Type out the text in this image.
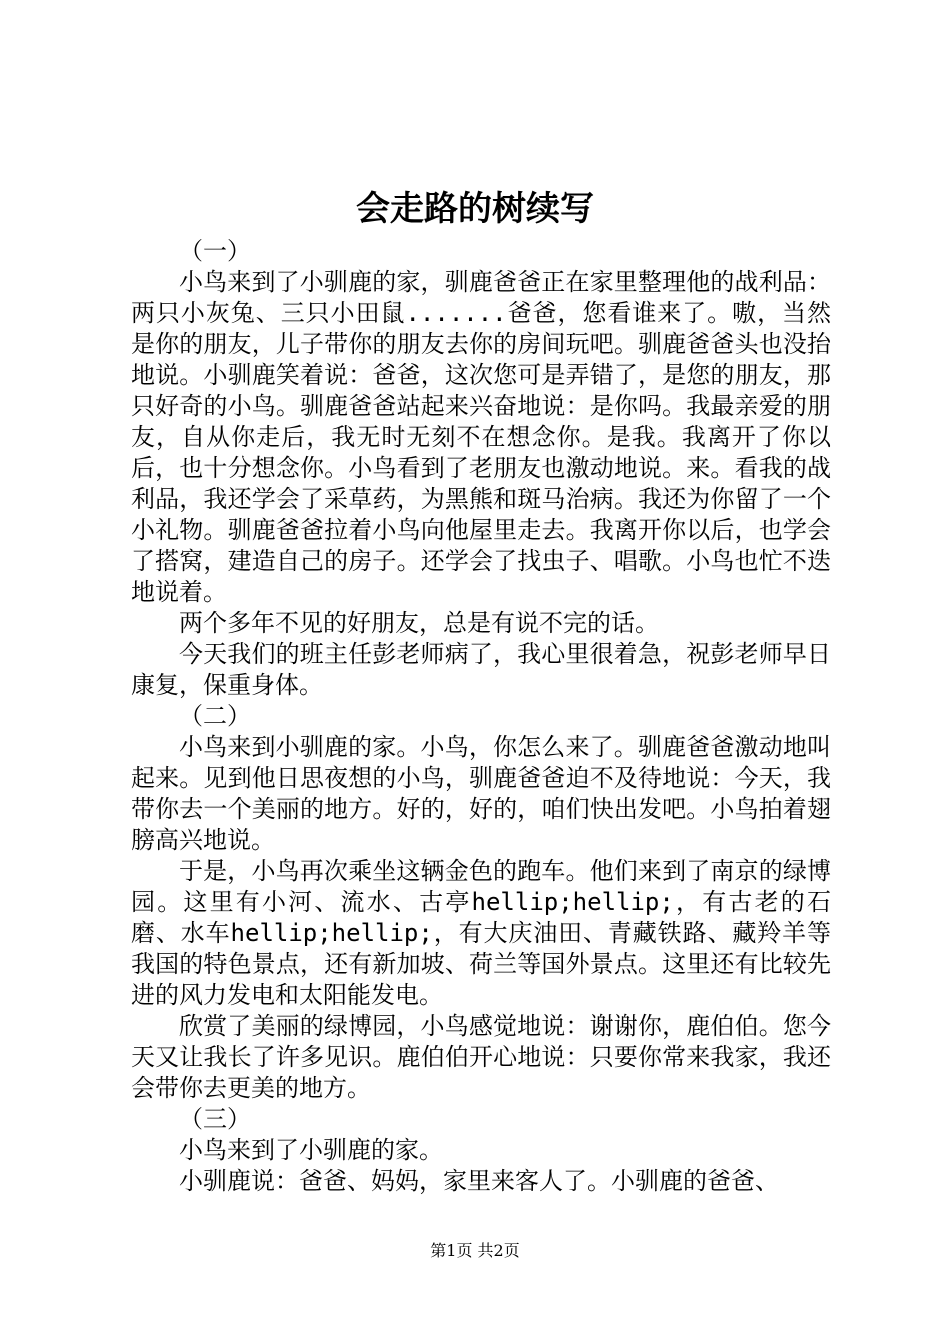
会走路的树续写

（一）

小鸟来到了小驯鹿的家，驯鹿爸爸正在家里整理他的战利品：两只小灰兔、三只小田鼠.......爸爸，您看谁来了。嗷，当然是你的朋友，儿子带你的朋友去你的房间玩吧。驯鹿爸爸头也没抬地说。小驯鹿笑着说：爸爸，这次您可是弄错了，是您的朋友，那只好奇的小鸟。驯鹿爸爸站起来兴奋地说：是你吗。我最亲爱的朋友，自从你走后，我无时无刻不在想念你。是我。我离开了你以后，也十分想念你。小鸟看到了老朋友也激动地说。来。看我的战利品，我还学会了采草药，为黑熊和斑马治病。我还为你留了一个小礼物。驯鹿爸爸拉着小鸟向他屋里走去。我离开你以后，也学会了搭窝，建造自己的房子。还学会了找虫子、唱歌。小鸟也忙不迭地说着。

两个多年不见的好朋友，总是有说不完的话。

今天我们的班主任彭老师病了，我心里很着急，祝彭老师早日康复，保重身体。

（二）

小鸟来到小驯鹿的家。小鸟，你怎么来了。驯鹿爸爸激动地叫起来。见到他日思夜想的小鸟，驯鹿爸爸迫不及待地说：今天，我带你去一个美丽的地方。好的，好的，咱们快出发吧。小鸟拍着翅膀高兴地说。

于是，小鸟再次乘坐这辆金色的跑车。他们来到了南京的绿博园。这里有小河、流水、古亭hellip;hellip;，有古老的石磨、水车hellip;hellip;，有大庆油田、青藏铁路、藏羚羊等我国的特色景点，还有新加坡、荷兰等国外景点。这里还有比较先进的风力发电和太阳能发电。

欣赏了美丽的绿博园，小鸟感觉地说：谢谢你，鹿伯伯。您今天又让我长了许多见识。鹿伯伯开心地说：只要你常来我家，我还会带你去更美的地方。

（三）

小鸟来到了小驯鹿的家。

小驯鹿说：爸爸、妈妈，家里来客人了。小驯鹿的爸爸、

第1页 共2页
